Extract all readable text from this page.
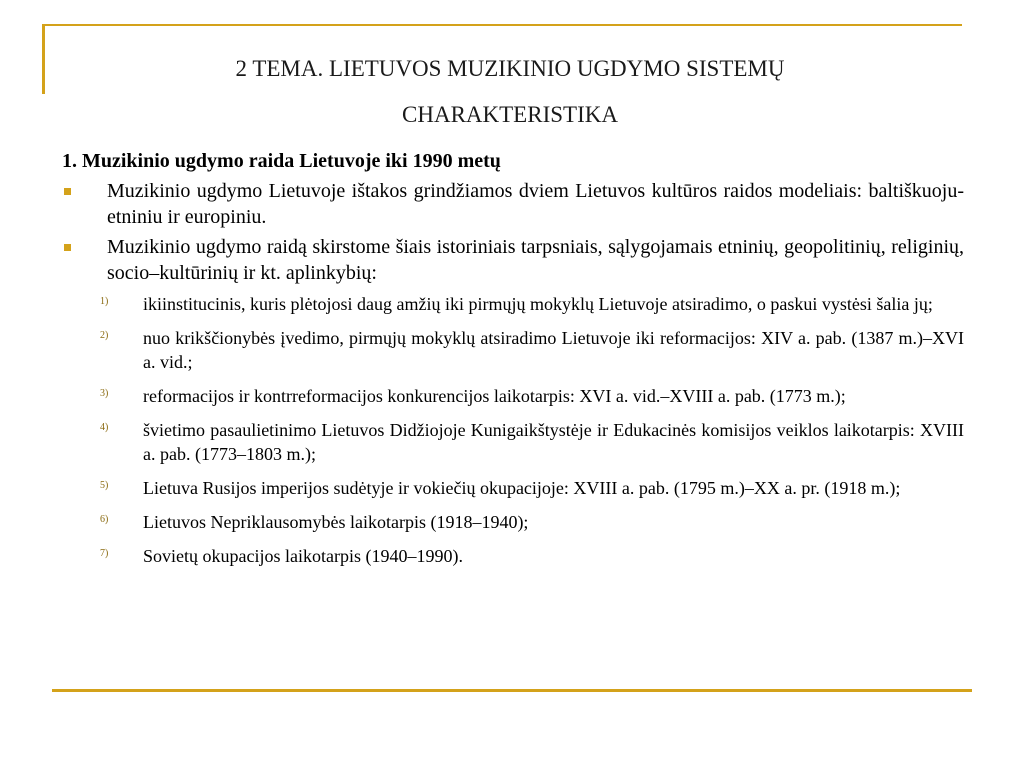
2 TEMA. LIETUVOS MUZIKINIO UGDYMO SISTEMŲ
CHARAKTERISTIKA
1. Muzikinio ugdymo raida Lietuvoje iki 1990 metų
Muzikinio ugdymo Lietuvoje ištakos grindžiamos dviem Lietuvos kultūros raidos modeliais: baltiškuoju-etniniu ir europiniu.
Muzikinio ugdymo raidą skirstome šiais istoriniais tarpsniais, sąlygojamais etninių, geopolitinių, religinių, socio–kultūrinių ir kt. aplinkybių:
1) ikiinstitucinis, kuris plėtojosi daug amžių iki pirmųjų mokyklų Lietuvoje atsiradimo, o paskui vystėsi šalia jų;
2) nuo krikščionybės įvedimo, pirmųjų mokyklų atsiradimo Lietuvoje iki reformacijos: XIV a. pab. (1387 m.)–XVI a. vid.;
3) reformacijos ir kontrreformacijos konkurencijos laikotarpis: XVI a. vid.–XVIII a. pab. (1773 m.);
4) švietimo pasaulietinimo Lietuvos Didžiojoje Kunigaikštystėje ir Edukacinės komisijos veiklos laikotarpis: XVIII a. pab. (1773–1803 m.);
5) Lietuva Rusijos imperijos sudėtyje ir vokiečių okupacijoje: XVIII a. pab. (1795 m.)–XX a. pr. (1918 m.);
6) Lietuvos Nepriklausomybės laikotarpis (1918–1940);
7) Sovietų okupacijos laikotarpis (1940–1990).
